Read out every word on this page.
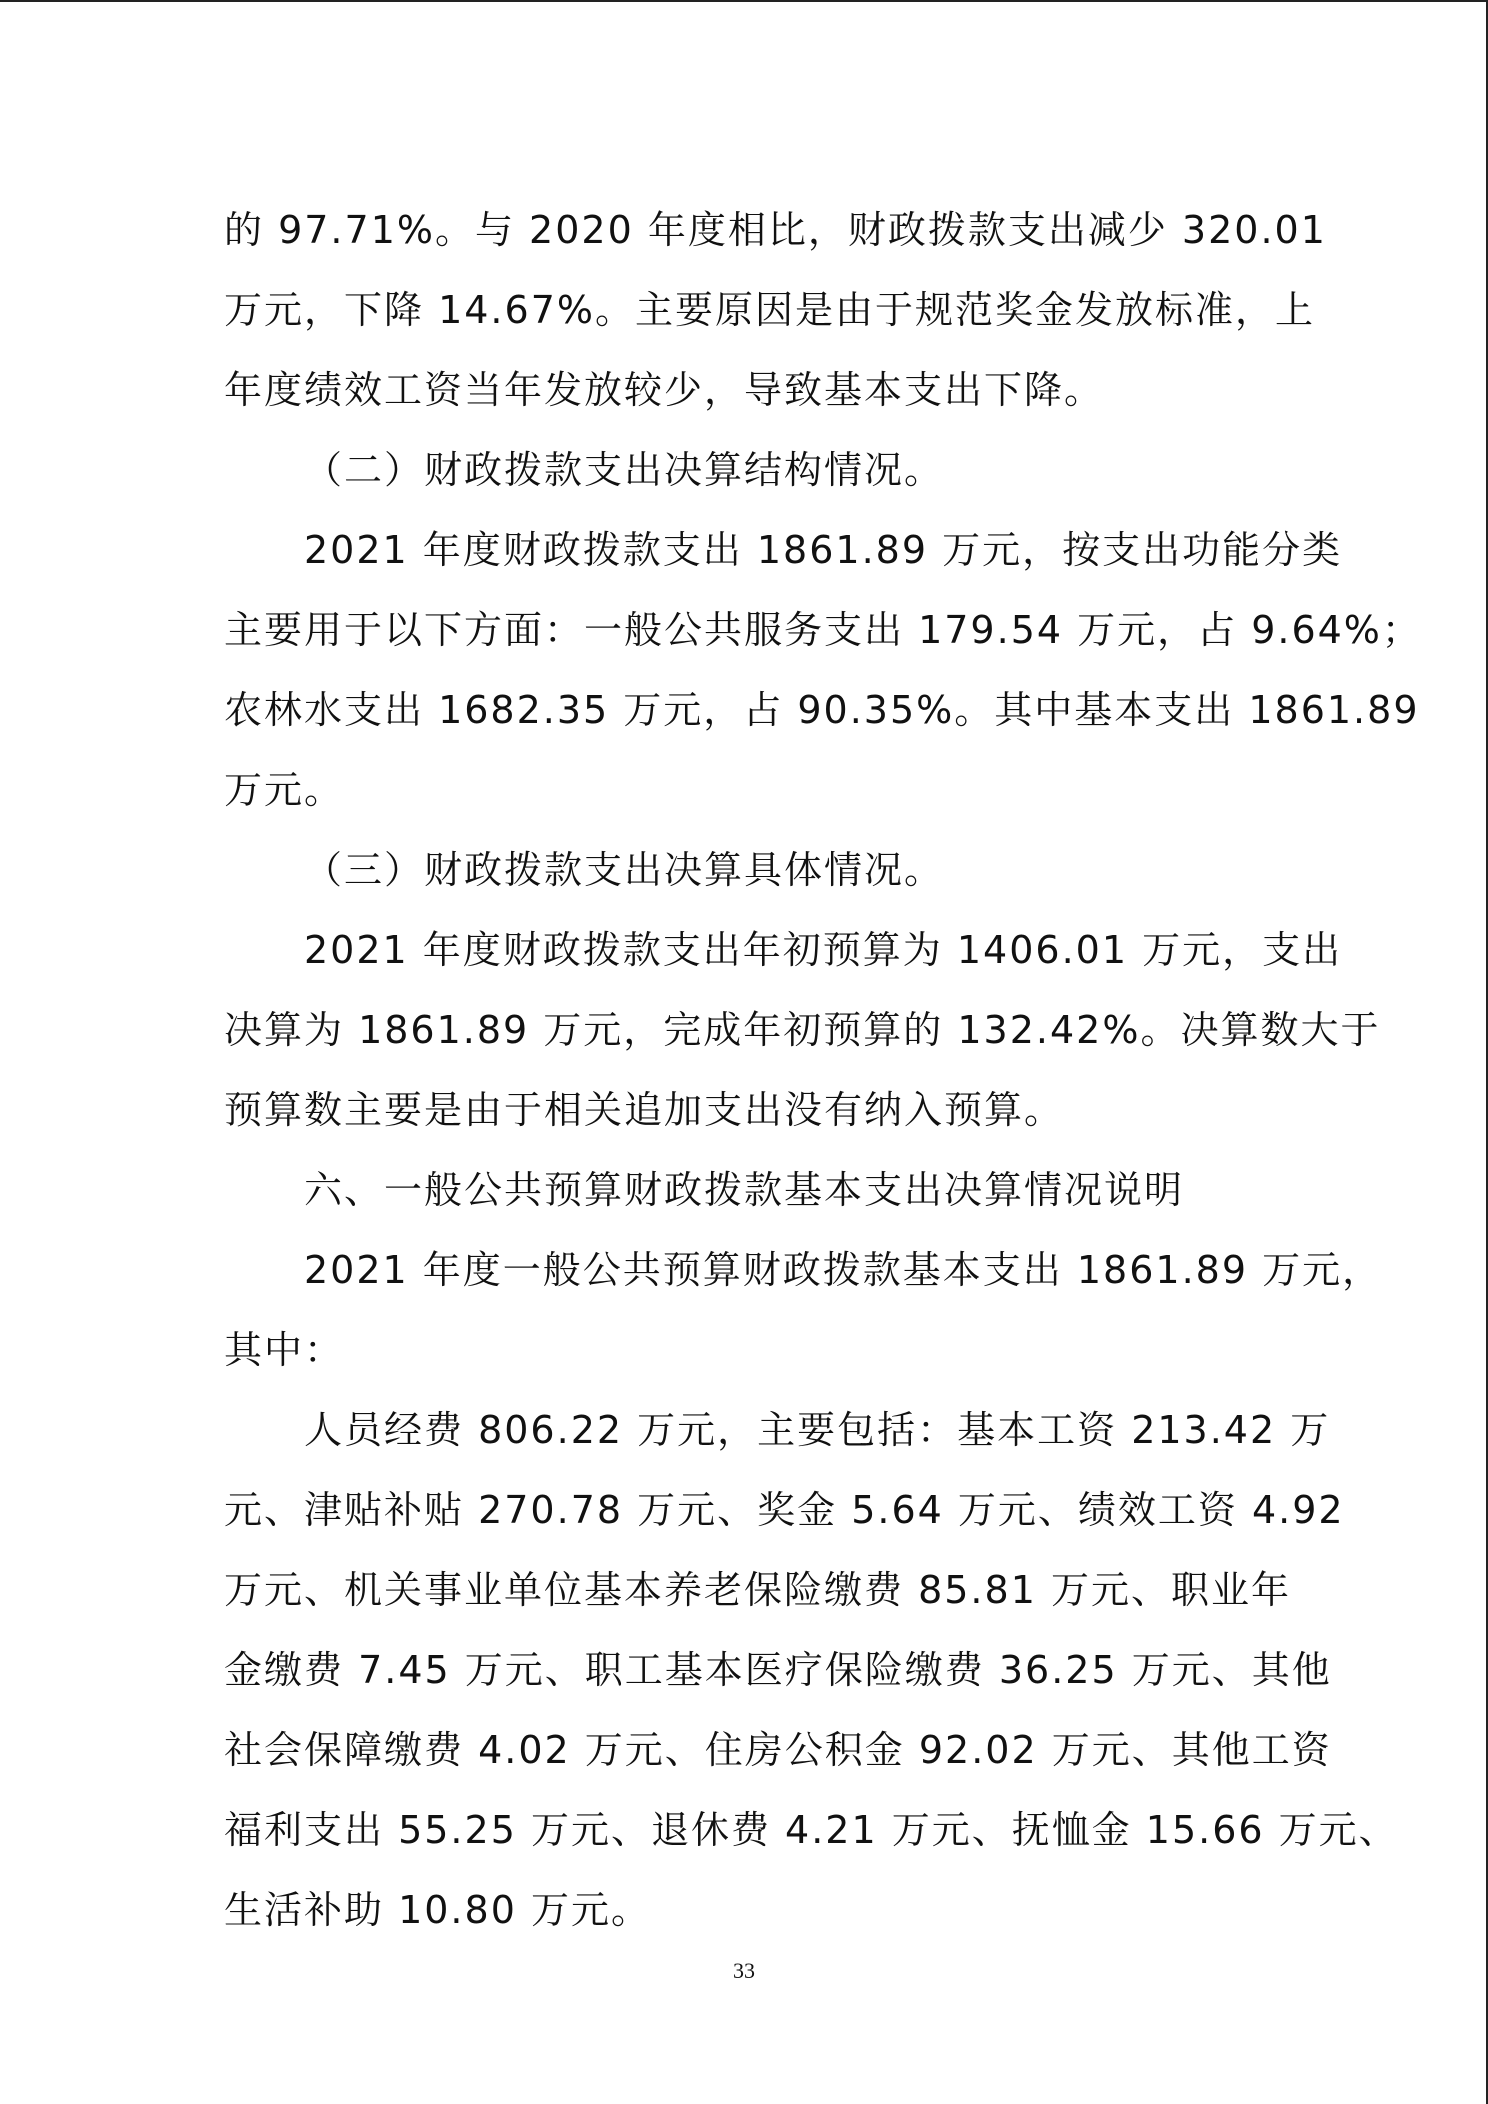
的 97.71%。与 2020 年度相比，财政拨款支出减少 320.01
万元，下降 14.67%。主要原因是由于规范奖金发放标准，上
年度绩效工资当年发放较少，导致基本支出下降。
（二）财政拨款支出决算结构情况。
2021 年度财政拨款支出 1861.89 万元，按支出功能分类
主要用于以下方面：一般公共服务支出 179.54 万元，占 9.64%；
农林水支出 1682.35 万元，占 90.35%。其中基本支出 1861.89
万元。
（三）财政拨款支出决算具体情况。
2021 年度财政拨款支出年初预算为 1406.01 万元，支出
决算为 1861.89 万元，完成年初预算的 132.42%。决算数大于
预算数主要是由于相关追加支出没有纳入预算。
六、一般公共预算财政拨款基本支出决算情况说明
2021 年度一般公共预算财政拨款基本支出 1861.89 万元，
其中：
人员经费 806.22 万元，主要包括：基本工资 213.42 万
元、津贴补贴 270.78 万元、奖金 5.64 万元、绩效工资 4.92
万元、机关事业单位基本养老保险缴费 85.81 万元、职业年
金缴费 7.45 万元、职工基本医疗保险缴费 36.25 万元、其他
社会保障缴费 4.02 万元、住房公积金 92.02 万元、其他工资
福利支出 55.25 万元、退休费 4.21 万元、抚恤金 15.66 万元、
生活补助 10.80 万元。
33
